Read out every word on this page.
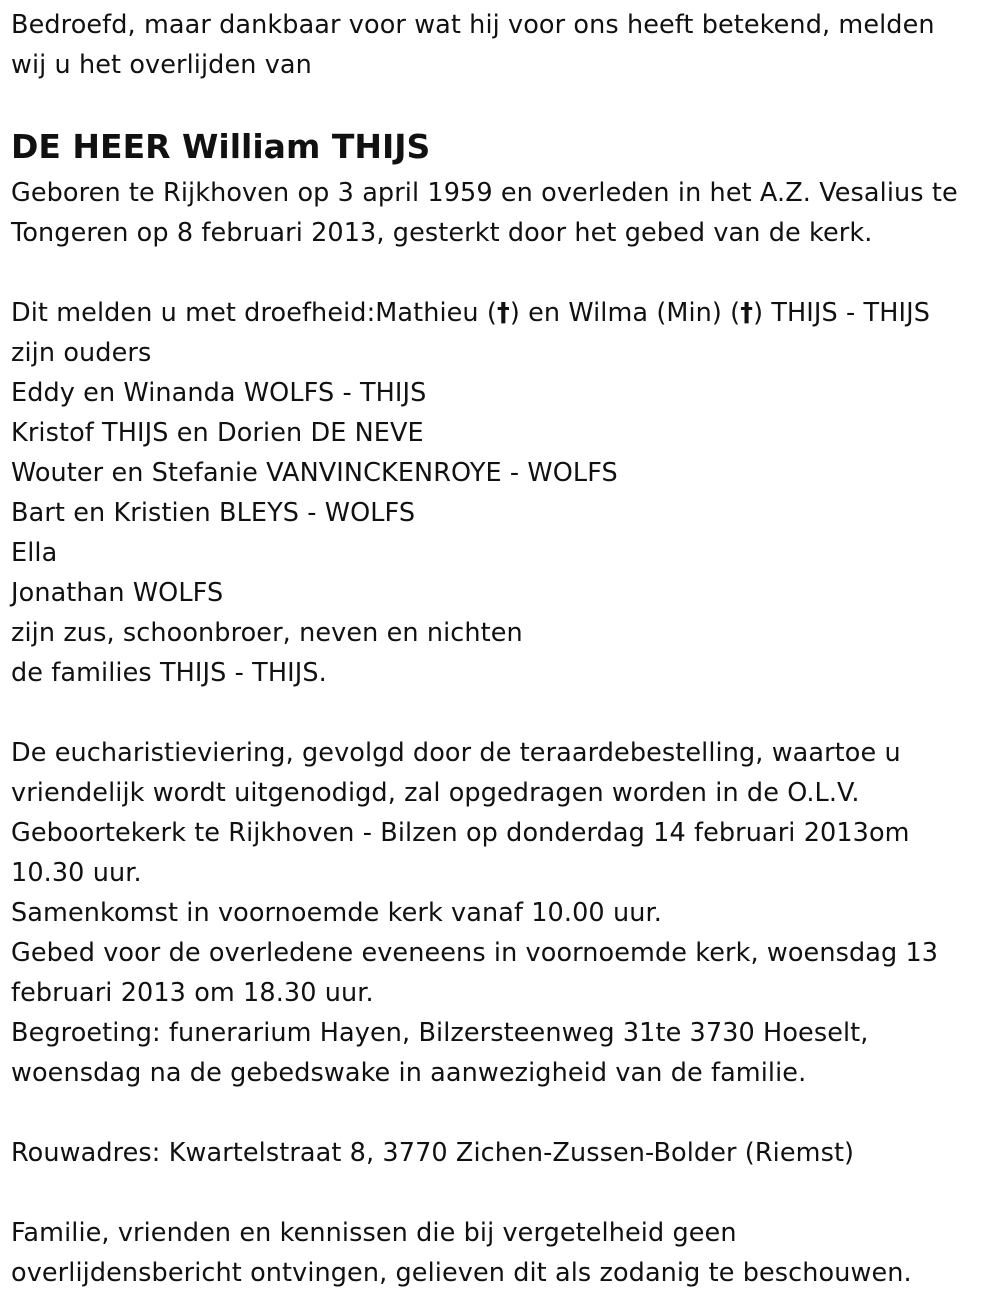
Bedroefd, maar dankbaar voor wat hij voor ons heeft betekend, melden
wij u het overlijden van
DE HEER William THIJS
Geboren te Rijkhoven op 3 april 1959 en overleden in het A.Z. Vesalius te
Tongeren op 8 februari 2013, gesterkt door het gebed van de kerk.
Dit melden u met droefheid:Mathieu (†) en Wilma (Min) (†) THIJS - THIJS
zijn ouders
Eddy en Winanda WOLFS - THIJS
Kristof THIJS en Dorien DE NEVE
Wouter en Stefanie VANVINCKENROYE - WOLFS
Bart en Kristien BLEYS - WOLFS
Ella
Jonathan WOLFS
zijn zus, schoonbroer, neven en nichten
de families THIJS - THIJS.
De eucharistieviering, gevolgd door de teraardebestelling, waartoe u
vriendelijk wordt uitgenodigd, zal opgedragen worden in de O.L.V.
Geboortekerk te Rijkhoven - Bilzen op donderdag 14 februari 2013om
10.30 uur.
Samenkomst in voornoemde kerk vanaf 10.00 uur.
Gebed voor de overledene eveneens in voornoemde kerk, woensdag 13
februari 2013 om 18.30 uur.
Begroeting: funerarium Hayen, Bilzersteenweg 31te 3730 Hoeselt,
woensdag na de gebedswake in aanwezigheid van de familie.
Rouwadres: Kwartelstraat 8, 3770 Zichen-Zussen-Bolder (Riemst)
Familie, vrienden en kennissen die bij vergetelheid geen
overlijdensbericht ontvingen, gelieven dit als zodanig te beschouwen.
